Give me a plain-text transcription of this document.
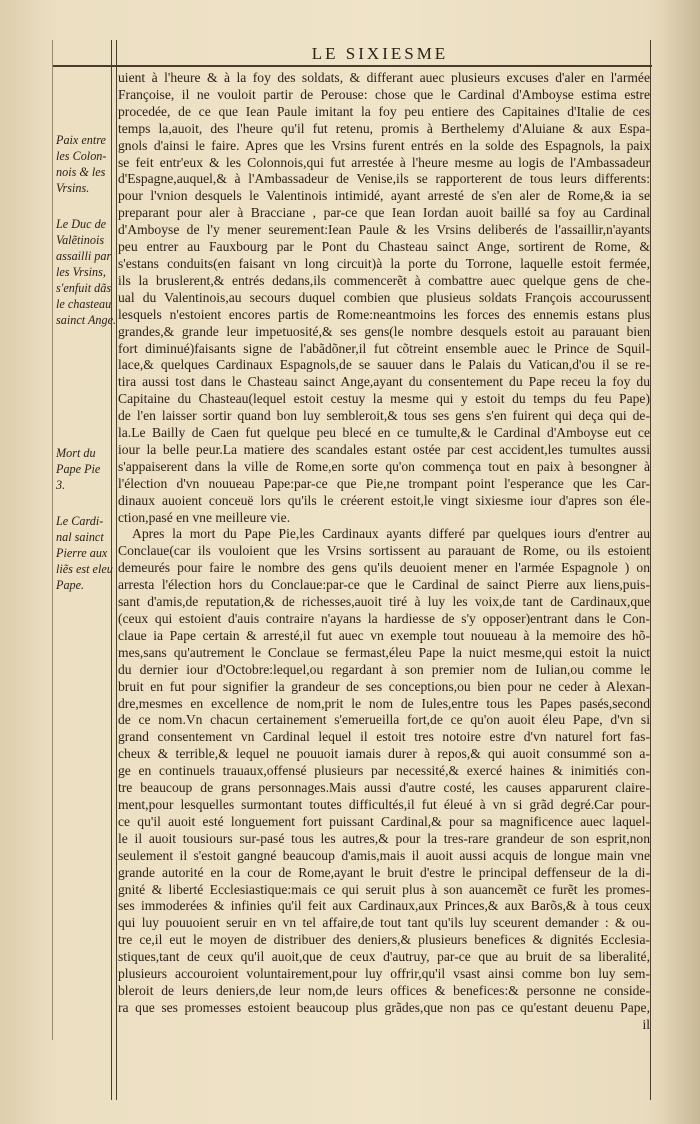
LE SIXIESME
Paix entre
les Colon-
nois & les
Vrsins.
Le Duc de
Valẽtinois
assailli par
les Vrsins,
s'enfuit dãs
le chasteau
sainct Ange.
Mort du
Pape Pie
3.
Le Cardi-
nal sainct
Pierre aux
liẽs est eleu
Pape.
uient à l'heure & à la foy des soldats, & differant auec plusieurs excuses d'aler en l'armée
Françoise, il ne vouloit partir de Perouse: chose que le Cardinal d'Amboyse estima estre
procedée, de ce que Iean Paule imitant la foy peu entiere des Capitaines d'Italie de ces
temps la,auoit, des l'heure qu'il fut retenu, promis à Berthelemy d'Aluiane & aux Espa-
gnols d'ainsi le faire. Apres que les Vrsins furent entrés en la solde des Espagnols, la paix
se feit entr'eux & les Colonnois,qui fut arrestée à l'heure mesme au logis de l'Ambassadeur
d'Espagne,auquel,& à l'Ambassadeur de Venise,ils se rapporterent de tous leurs differents:
pour l'vnion desquels le Valentinois intimidé, ayant arresté de s'en aler de Rome,& ia se
preparant pour aler à Bracciane , par-ce que Iean Iordan auoit baillé sa foy au Cardinal
d'Amboyse de l'y mener seurement:Iean Paule & les Vrsins deliberés de l'assaillir,n'ayants
peu entrer au Fauxbourg par le Pont du Chasteau sainct Ange, sortirent de Rome, &
s'estans conduits(en faisant vn long circuit)à la porte du Torrone, laquelle estoit fermée,
ils la bruslerent,& entrés dedans,ils commencerẽt à combattre auec quelque gens de che-
ual du Valentinois,au secours duquel combien que plusieus soldats François accourussent
lesquels n'estoient encores partis de Rome:neantmoins les forces des ennemis estans plus
grandes,& grande leur impetuosité,& ses gens(le nombre desquels estoit au parauant bien
fort diminué)faisants signe de l'abãdõner,il fut cõtreint ensemble auec le Prince de Squil-
lace,& quelques Cardinaux Espagnols,de se sauuer dans le Palais du Vatican,d'ou il se re-
tira aussi tost dans le Chasteau sainct Ange,ayant du consentement du Pape receu la foy du
Capitaine du Chasteau(lequel estoit cestuy la mesme qui y estoit du temps du feu Pape)
de l'en laisser sortir quand bon luy sembleroit,& tous ses gens s'en fuirent qui deça qui de-
la.Le Bailly de Caen fut quelque peu blecé en ce tumulte,& le Cardinal d'Amboyse eut ce
iour la belle peur.La matiere des scandales estant ostée par cest accident,les tumultes aussi
s'appaiserent dans la ville de Rome,en sorte qu'on commença tout en paix à besongner à
l'élection d'vn nouueau Pape:par-ce que Pie,ne trompant point l'esperance que les Car-
dinaux auoient conceuë lors qu'ils le créerent estoit,le vingt sixiesme iour d'apres son éle-
ction,pasé en vne meilleure vie.
Apres la mort du Pape Pie,les Cardinaux ayants differé par quelques iours d'entrer au
Conclaue(car ils vouloient que les Vrsins sortissent au parauant de Rome, ou ils estoient
demeurés pour faire le nombre des gens qu'ils deuoient mener en l'armée Espagnole ) on
arresta l'élection hors du Conclaue:par-ce que le Cardinal de sainct Pierre aux liens,puis-
sant d'amis,de reputation,& de richesses,auoit tiré à luy les voix,de tant de Cardinaux,que
(ceux qui estoient d'auis contraire n'ayans la hardiesse de s'y opposer)entrant dans le Con-
claue ia Pape certain & arresté,il fut auec vn exemple tout nouueau à la memoire des hõ-
mes,sans qu'autrement le Conclaue se fermast,éleu Pape la nuict mesme,qui estoit la nuict
du dernier iour d'Octobre:lequel,ou regardant à son premier nom de Iulian,ou comme le
bruit en fut pour signifier la grandeur de ses conceptions,ou bien pour ne ceder à Alexan-
dre,mesmes en excellence de nom,prit le nom de Iules,entre tous les Papes pasés,second
de ce nom.Vn chacun certainement s'emerueilla fort,de ce qu'on auoit éleu Pape, d'vn si
grand consentement vn Cardinal lequel il estoit tres notoire estre d'vn naturel fort fas-
cheux & terrible,& lequel ne pouuoit iamais durer à repos,& qui auoit consummé son a-
ge en continuels trauaux,offensé plusieurs par necessité,& exercé haines & inimitiés con-
tre beaucoup de grans personnages.Mais aussi d'autre costé, les causes apparurent claire-
ment,pour lesquelles surmontant toutes difficultés,il fut éleué à vn si grãd degré.Car pour-
ce qu'il auoit esté longuement fort puissant Cardinal,& pour sa magnificence auec laquel-
le il auoit tousiours sur-pasé tous les autres,& pour la tres-rare grandeur de son esprit,non
seulement il s'estoit gangné beaucoup d'amis,mais il auoit aussi acquis de longue main vne
grande autorité en la cour de Rome,ayant le bruit d'estre le principal deffenseur de la di-
gnité & liberté Ecclesiastique:mais ce qui seruit plus à son auancemẽt ce furẽt les promes-
ses immoderées & infinies qu'il feit aux Cardinaux,aux Princes,& aux Barõs,& à tous ceux
qui luy pouuoient seruir en vn tel affaire,de tout tant qu'ils luy sceurent demander : & ou-
tre ce,il eut le moyen de distribuer des deniers,& plusieurs benefices & dignités Ecclesia-
stiques,tant de ceux qu'il auoit,que de ceux d'autruy, par-ce que au bruit de sa liberalité,
plusieurs accouroient voluntairement,pour luy offrir,qu'il vsast ainsi comme bon luy sem-
bleroit de leurs deniers,de leur nom,de leurs offices & benefices:& personne ne conside-
ra que ses promesses estoient beaucoup plus grãdes,que non pas ce qu'estant deuenu Pape,
il
